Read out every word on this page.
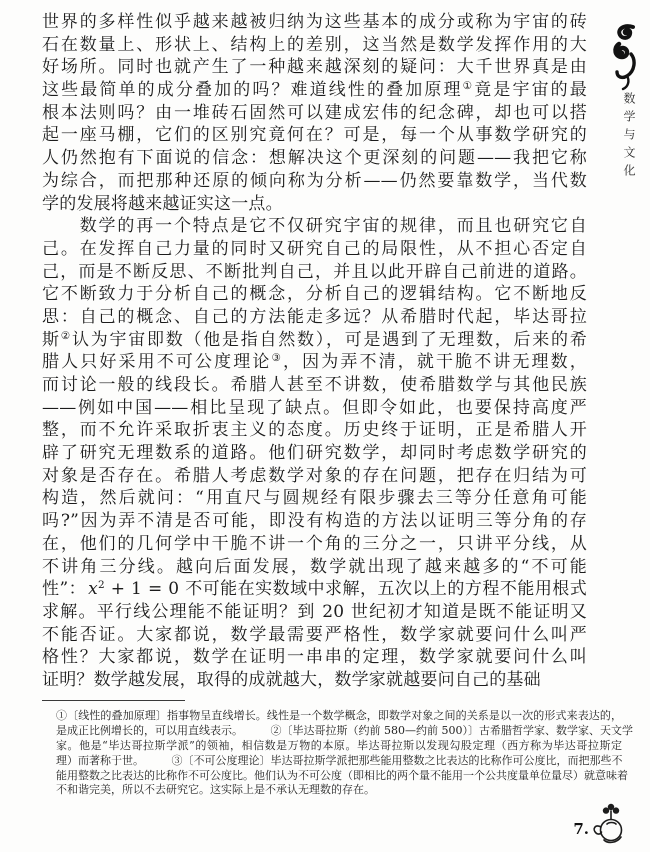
世界的多样性似乎越来越被归纳为这些基本的成分或称为宇宙的砖
石在数量上、形状上、结构上的差别，这当然是数学发挥作用的大
好场所。同时也就产生了一种越来越深刻的疑问：大千世界真是由
这些最简单的成分叠加的吗？难道线性的叠加原理①竟是宇宙的最
根本法则吗？由一堆砖石固然可以建成宏伟的纪念碑，却也可以搭
起一座马棚，它们的区别究竟何在？可是，每一个从事数学研究的
人仍然抱有下面说的信念：想解决这个更深刻的问题——我把它称
为综合，而把那种还原的倾向称为分析——仍然要靠数学，当代数
学的发展将越来越证实这一点。
　　数学的再一个特点是它不仅研究宇宙的规律，而且也研究它自
己。在发挥自己力量的同时又研究自己的局限性，从不担心否定自
己，而是不断反思、不断批判自己，并且以此开辟自己前进的道路。
它不断致力于分析自己的概念，分析自己的逻辑结构。它不断地反
思：自己的概念、自己的方法能走多远？从希腊时代起，毕达哥拉
斯②认为宇宙即数（他是指自然数），可是遇到了无理数，后来的希
腊人只好采用不可公度理论③，因为弄不清，就干脆不讲无理数，
而讨论一般的线段长。希腊人甚至不讲数，使希腊数学与其他民族
——例如中国——相比呈现了缺点。但即令如此，也要保持高度严
整，而不允许采取折衷主义的态度。历史终于证明，正是希腊人开
辟了研究无理数系的道路。他们研究数学，却同时考虑数学研究的
对象是否存在。希腊人考虑数学对象的存在问题，把存在归结为可
构造，然后就问：“用直尺与圆规经有限步骤去三等分任意角可能
吗?”因为弄不清是否可能，即没有构造的方法以证明三等分角的存
在，他们的几何学中干脆不讲一个角的三分之一，只讲平分线，从
不讲角三分线。越向后面发展，数学就出现了越来越多的“不可能
性”： $x^2 + 1 = 0$ 不可能在实数域中求解，五次以上的方程不能用根式
求解。平行线公理能不能证明？到 20 世纪初才知道是既不能证明又
不能否证。大家都说，数学最需要严格性，数学家就要问什么叫严
格性？大家都说，数学在证明一串串的定理，数学家就要问什么叫
证明？数学越发展，取得的成就越大，数学家就越要问自己的基础
①〔线性的叠加原理〕指事物呈直线增长。线性是一个数学概念，即数学对象之间的关系是以一次的形式来表达的，
是成正比例增长的，可以用直线表示。　　　②〔毕达哥拉斯（约前 580—约前 500）〕古希腊哲学家、数学家、天文学
家。他是“毕达哥拉斯学派”的领袖，相信数是万物的本原。毕达哥拉斯以发现勾股定理（西方称为毕达哥拉斯定
理）而著称于世。　　　③〔不可公度理论〕毕达哥拉斯学派把那些能用整数之比表达的比称作可公度比，而把那些不
能用整数之比表达的比称作不可公度比。他们认为不可公度（即相比的两个量不能用一个公共度量单位量尽）就意味着
不和谐完美，所以不去研究它。这实际上是不承认无理数的存在。
数学与文化
7.
